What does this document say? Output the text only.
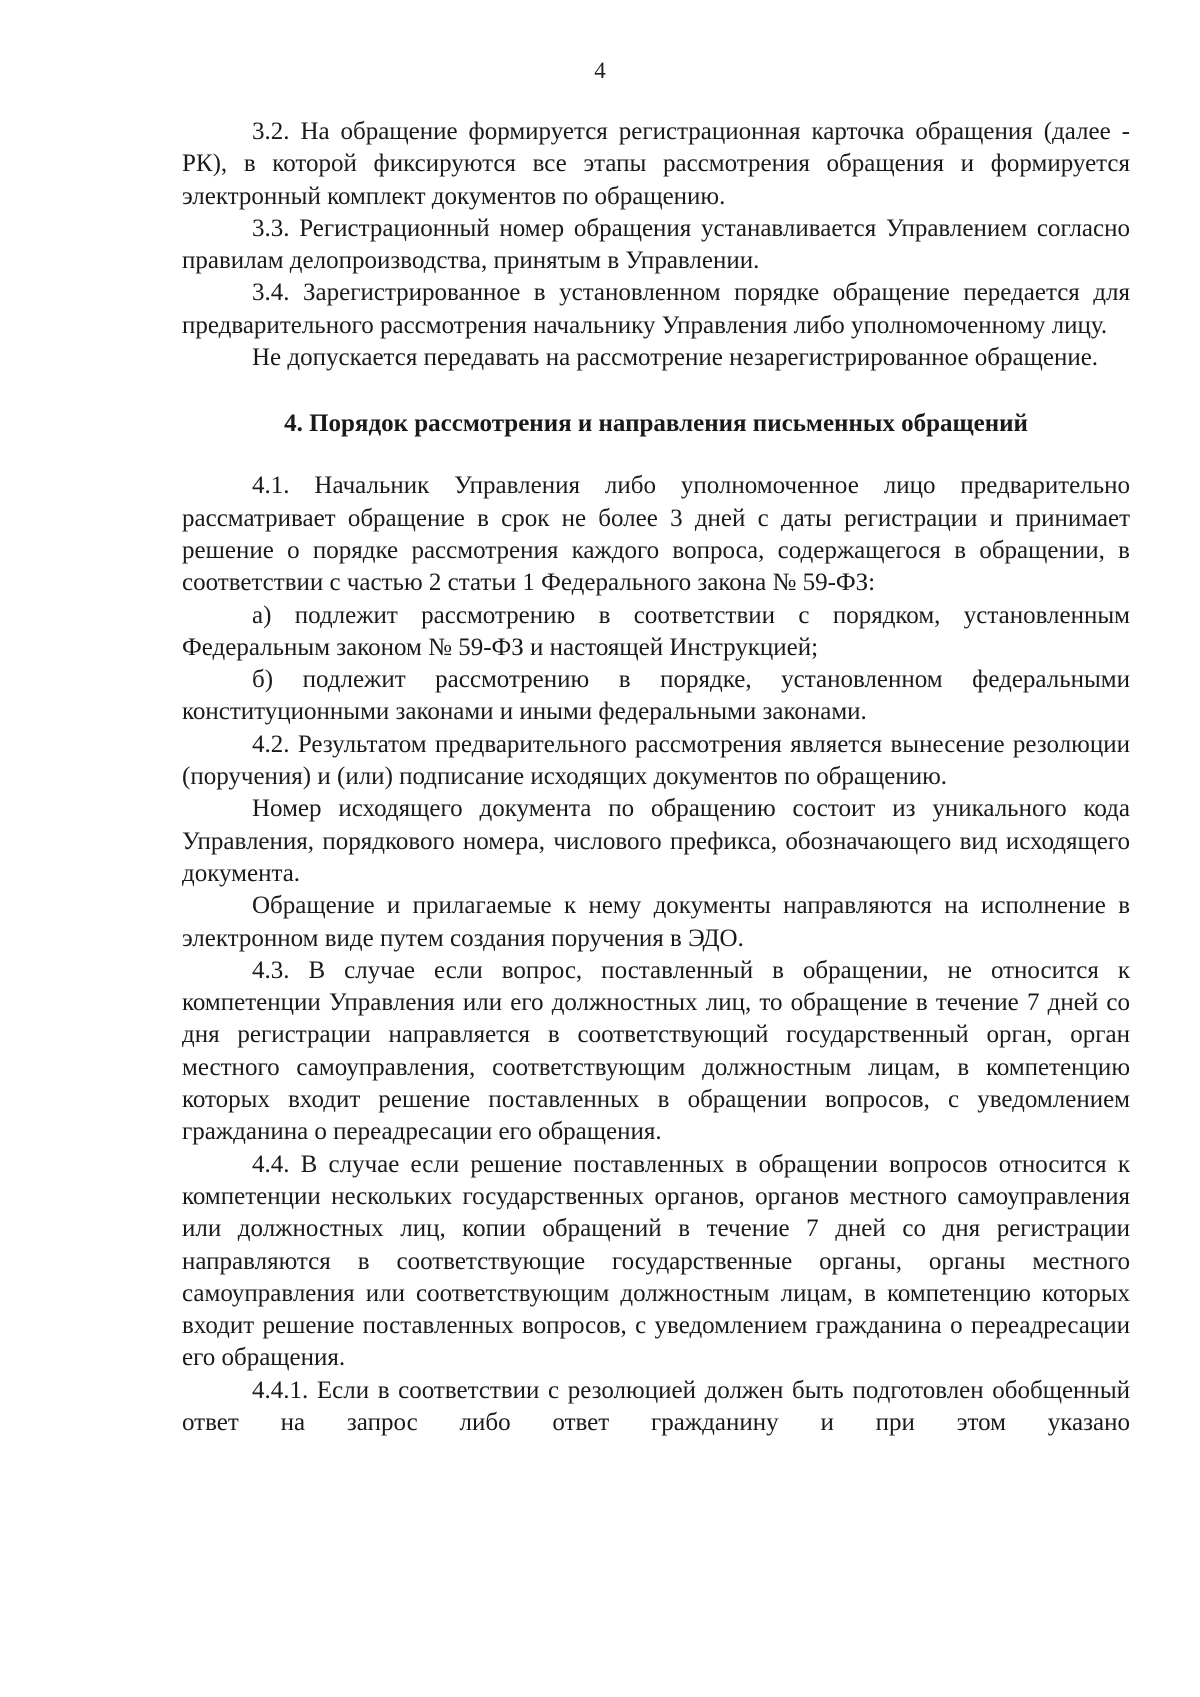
4

3.2. На обращение формируется регистрационная карточка обращения (далее - РК), в которой фиксируются все этапы рассмотрения обращения и формируется электронный комплект документов по обращению.

3.3. Регистрационный номер обращения устанавливается Управлением согласно правилам делопроизводства, принятым в Управлении.

3.4. Зарегистрированное в установленном порядке обращение передается для предварительного рассмотрения начальнику Управления либо уполномоченному лицу.

Не допускается передавать на рассмотрение незарегистрированное обращение.

4. Порядок рассмотрения и направления письменных обращений

4.1. Начальник Управления либо уполномоченное лицо предварительно рассматривает обращение в срок не более 3 дней с даты регистрации и принимает решение о порядке рассмотрения каждого вопроса, содержащегося в обращении, в соответствии с частью 2 статьи 1 Федерального закона № 59-ФЗ:

а) подлежит рассмотрению в соответствии с порядком, установленным Федеральным законом № 59-ФЗ и настоящей Инструкцией;

б) подлежит рассмотрению в порядке, установленном федеральными конституционными законами и иными федеральными законами.

4.2. Результатом предварительного рассмотрения является вынесение резолюции (поручения) и (или) подписание исходящих документов по обращению.

Номер исходящего документа по обращению состоит из уникального кода Управления, порядкового номера, числового префикса, обозначающего вид исходящего документа.

Обращение и прилагаемые к нему документы направляются на исполнение в электронном виде путем создания поручения в ЭДО.

4.3. В случае если вопрос, поставленный в обращении, не относится к компетенции Управления или его должностных лиц, то обращение в течение 7 дней со дня регистрации направляется в соответствующий государственный орган, орган местного самоуправления, соответствующим должностным лицам, в компетенцию которых входит решение поставленных в обращении вопросов, с уведомлением гражданина о переадресации его обращения.

4.4. В случае если решение поставленных в обращении вопросов относится к компетенции нескольких государственных органов, органов местного самоуправления или должностных лиц, копии обращений в течение 7 дней со дня регистрации направляются в соответствующие государственные органы, органы местного самоуправления или соответствующим должностным лицам, в компетенцию которых входит решение поставленных вопросов, с уведомлением гражданина о переадресации его обращения.

4.4.1. Если в соответствии с резолюцией должен быть подготовлен обобщенный ответ на запрос либо ответ гражданину и при этом указано
